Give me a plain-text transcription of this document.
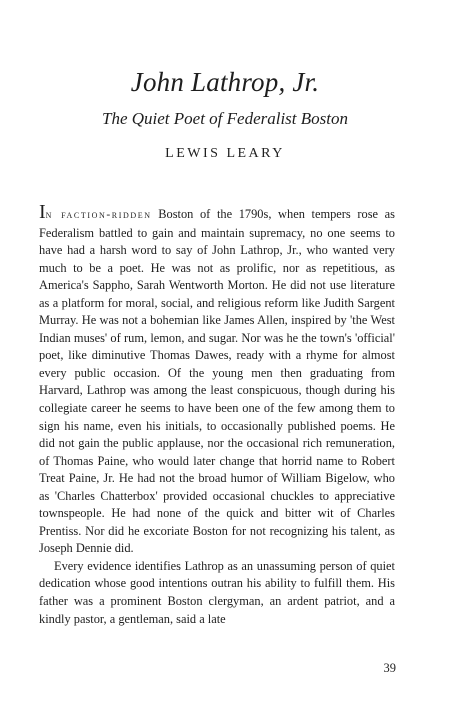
John Lathrop, Jr.
The Quiet Poet of Federalist Boston
LEWIS LEARY

In faction-ridden Boston of the 1790s, when tempers rose as Federalism battled to gain and maintain supremacy, no one seems to have had a harsh word to say of John Lathrop, Jr., who wanted very much to be a poet. He was not as prolific, nor as repetitious, as America's Sappho, Sarah Wentworth Morton. He did not use literature as a platform for moral, social, and religious reform like Judith Sargent Murray. He was not a bohemian like James Allen, inspired by 'the West Indian muses' of rum, lemon, and sugar. Nor was he the town's 'official' poet, like diminutive Thomas Dawes, ready with a rhyme for almost every public occasion. Of the young men then graduating from Harvard, Lathrop was among the least conspicuous, though during his collegiate career he seems to have been one of the few among them to sign his name, even his initials, to occasionally published poems. He did not gain the public applause, nor the occasional rich remuneration, of Thomas Paine, who would later change that horrid name to Robert Treat Paine, Jr. He had not the broad humor of William Bigelow, who as 'Charles Chatterbox' provided occasional chuckles to appreciative townspeople. He had none of the quick and bitter wit of Charles Prentiss. Nor did he excoriate Boston for not recognizing his talent, as Joseph Dennie did.

Every evidence identifies Lathrop as an unassuming person of quiet dedication whose good intentions outran his ability to fulfill them. His father was a prominent Boston clergyman, an ardent patriot, and a kindly pastor, a gentleman, said a late

39
